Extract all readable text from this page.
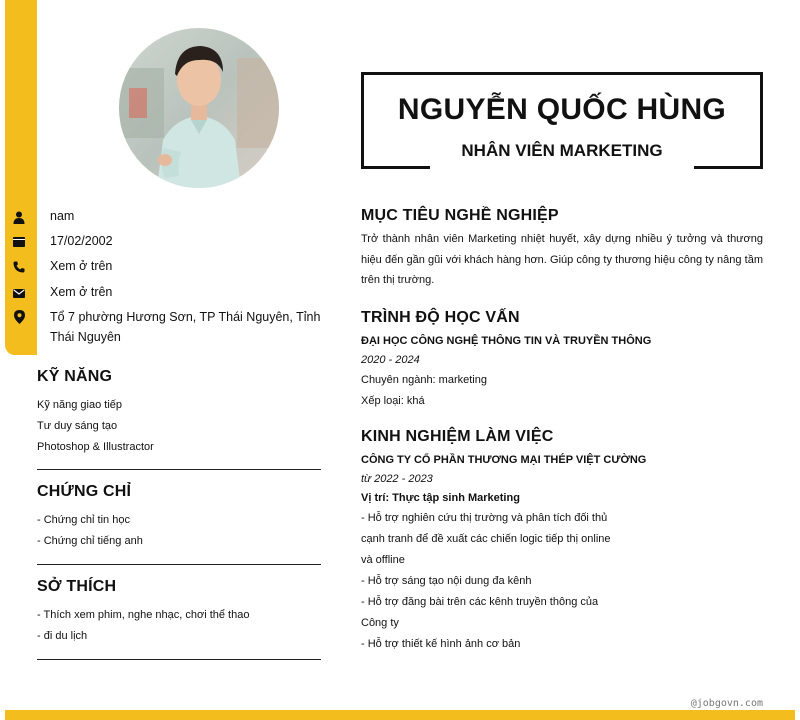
nam
17/02/2002
Xem ở trên
Xem ở trên
Tổ 7 phường Hương Sơn, TP Thái Nguyên, Tỉnh Thái Nguyên
KỸ NĂNG
Kỹ năng giao tiếp
Tư duy sáng tạo
Photoshop & Illustractor
CHỨNG CHỈ
- Chứng chỉ tin học
- Chứng chỉ tiếng anh
SỞ THÍCH
- Thích xem phim, nghe nhạc, chơi thể thao
- đi du lịch
NGUYỄN QUỐC HÙNG
NHÂN VIÊN MARKETING
MỤC TIÊU NGHỀ NGHIỆP
Trở thành nhân viên Marketing nhiệt huyết, xây dựng nhiều ý tưởng và thương hiệu đến gần gũi với khách hàng hơn. Giúp công ty thương hiệu công ty nâng tầm trên thị trường.
TRÌNH ĐỘ HỌC VẤN
ĐẠI HỌC CÔNG NGHỆ THÔNG TIN VÀ TRUYỀN THÔNG
2020 - 2024
Chuyên ngành: marketing
Xếp loại: khá
KINH NGHIỆM LÀM VIỆC
CÔNG TY CỔ PHẦN THƯƠNG MẠI THÉP VIỆT CƯỜNG
từ 2022 - 2023
Vị trí: Thực tập sinh Marketing
- Hỗ trợ nghiên cứu thị trường và phân tích đối thủ
cạnh tranh để đề xuất các chiến logic tiếp thị online
và offline
- Hỗ trợ sáng tạo nội dung đa kênh
- Hỗ trợ đăng bài trên các kênh truyền thông của
Công ty
- Hỗ trợ thiết kế hình ảnh cơ bản
@jobgovn.com
